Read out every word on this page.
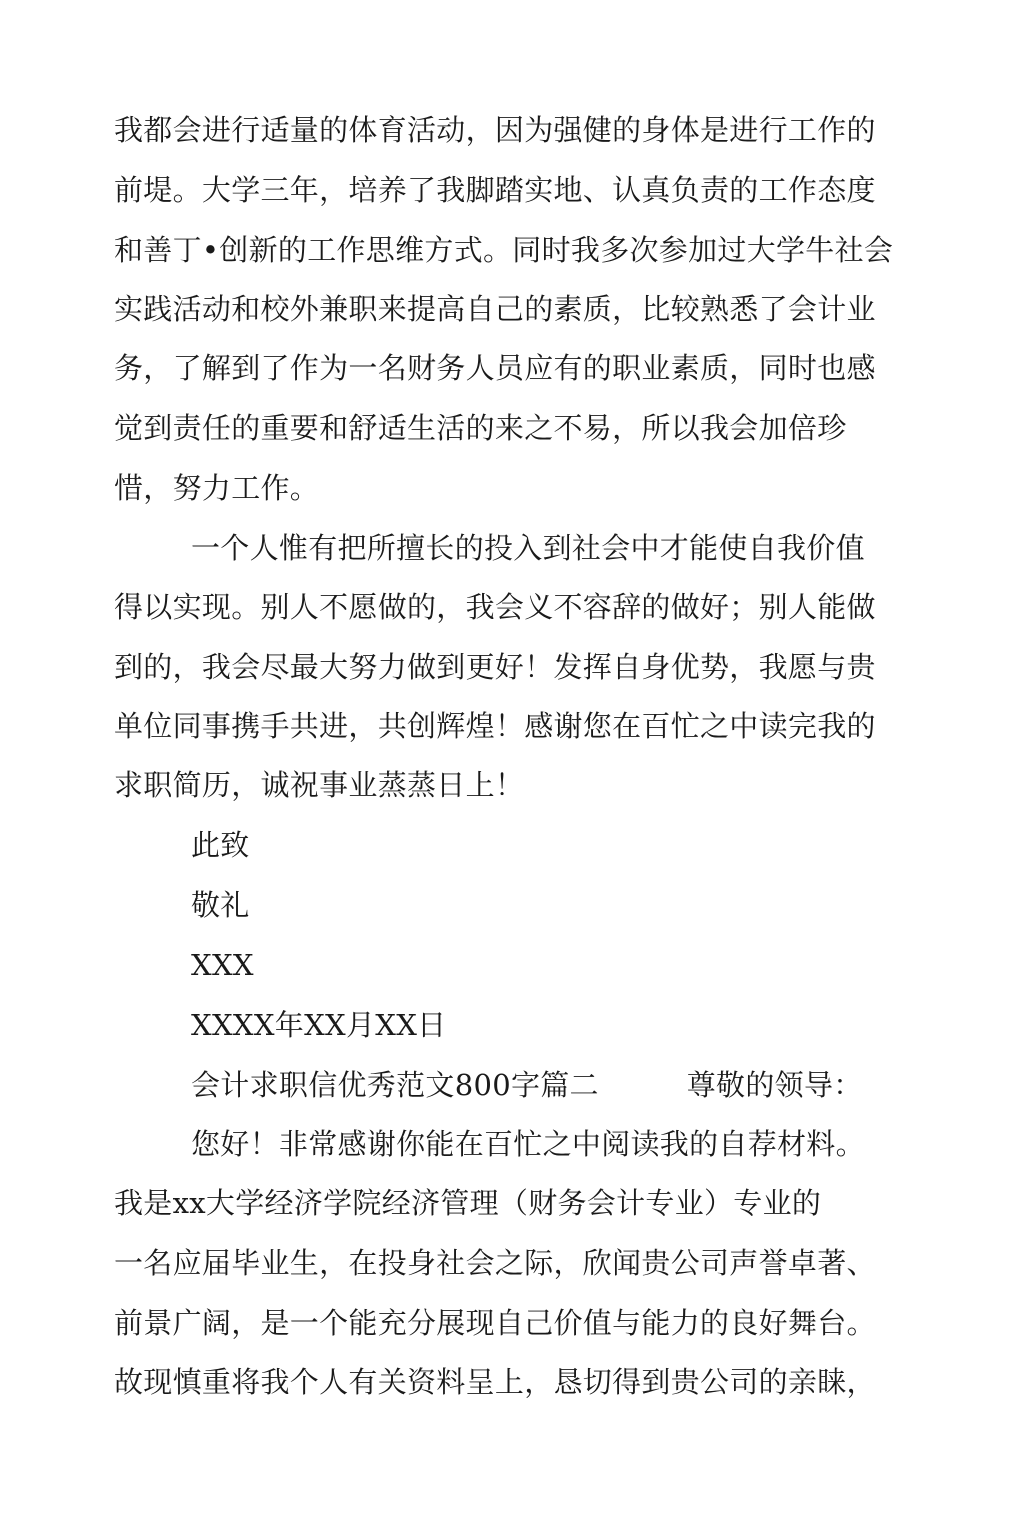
我都会进行适量的体育活动，因为强健的身体是进行工作的

前堤。大学三年，培养了我脚踏实地、认真负责的工作态度

和善丁•创新的工作思维方式。同时我多次参加过大学牛社会

实践活动和校外兼职来提高自己的素质，比较熟悉了会计业

务，了解到了作为一名财务人员应有的职业素质，同时也感

觉到责任的重要和舒适生活的来之不易，所以我会加倍珍

惜，努力工作。

一个人惟有把所擅长的投入到社会中才能使自我价值

得以实现。别人不愿做的，我会义不容辞的做好；别人能做

到的，我会尽最大努力做到更好！发挥自身优势，我愿与贵

单位同事携手共进，共创辉煌！感谢您在百忙之中读完我的

求职简历，诚祝事业蒸蒸日上！

此致

敬礼

XXX

XXXX年XX月XX日

会计求职信优秀范文800字篇二　　　尊敬的领导：

您好！非常感谢你能在百忙之中阅读我的自荐材料。

我是xx大学经济学院经济管理（财务会计专业）专业的

一名应届毕业生，在投身社会之际，欣闻贵公司声誉卓著、

前景广阔，是一个能充分展现自己价值与能力的良好舞台。

故现慎重将我个人有关资料呈上，恳切得到贵公司的亲睐，
